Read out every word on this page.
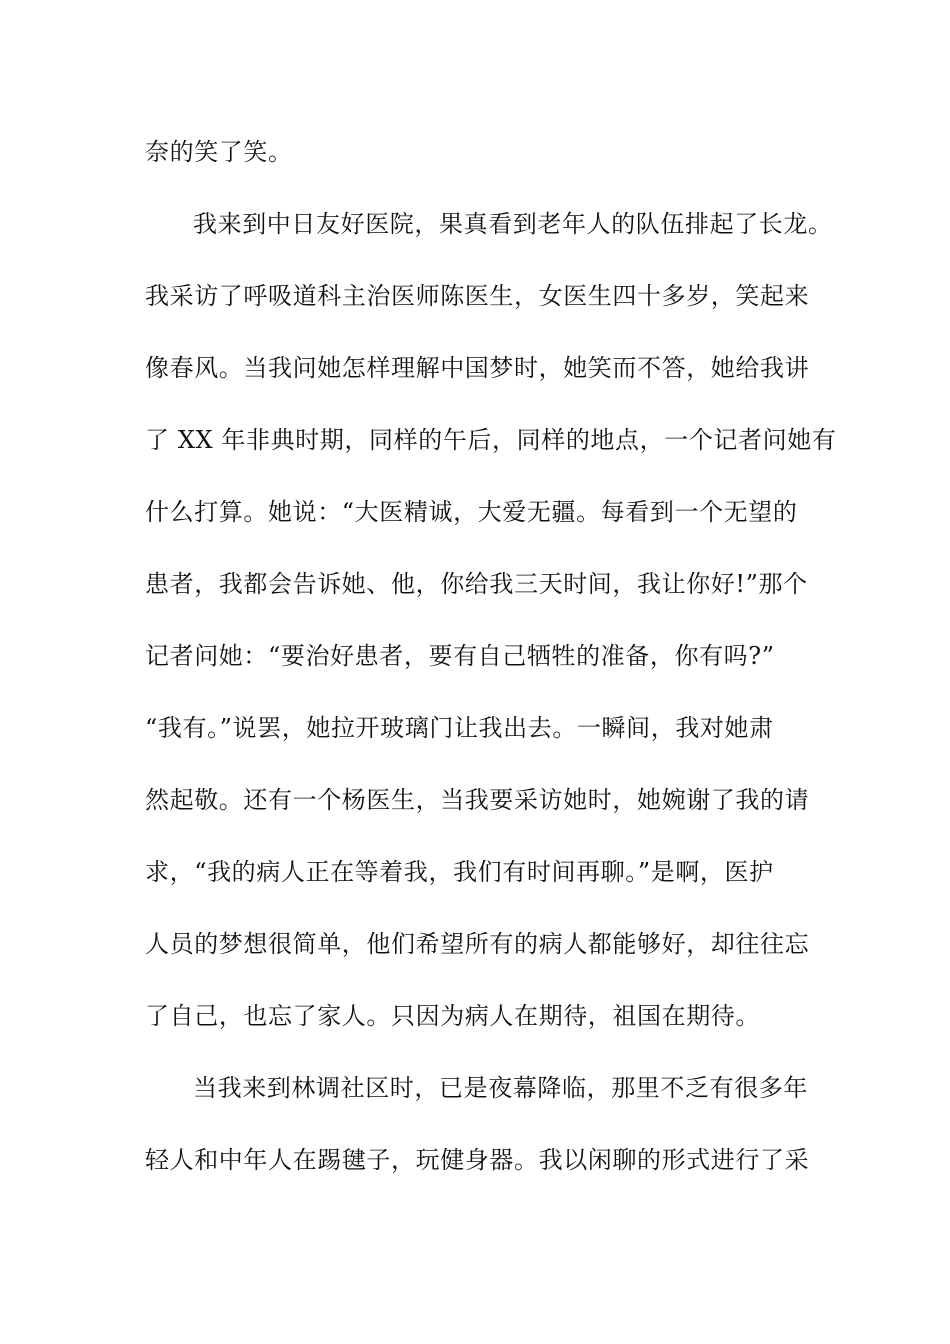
奈的笑了笑。
我来到中日友好医院，果真看到老年人的队伍排起了长龙。
我采访了呼吸道科主治医师陈医生，女医生四十多岁，笑起来
像春风。当我问她怎样理解中国梦时，她笑而不答，她给我讲
了 XX 年非典时期，同样的午后，同样的地点，一个记者问她有
什么打算。她说：“大医精诚，大爱无疆。每看到一个无望的
患者，我都会告诉她、他，你给我三天时间，我让你好!”那个
记者问她：“要治好患者，要有自己牺牲的准备，你有吗?”
“我有。”说罢，她拉开玻璃门让我出去。一瞬间，我对她肃
然起敬。还有一个杨医生，当我要采访她时，她婉谢了我的请
求，“我的病人正在等着我，我们有时间再聊。”是啊，医护
人员的梦想很简单，他们希望所有的病人都能够好，却往往忘
了自己，也忘了家人。只因为病人在期待，祖国在期待。
当我来到林调社区时，已是夜幕降临，那里不乏有很多年
轻人和中年人在踢毽子，玩健身器。我以闲聊的形式进行了采
